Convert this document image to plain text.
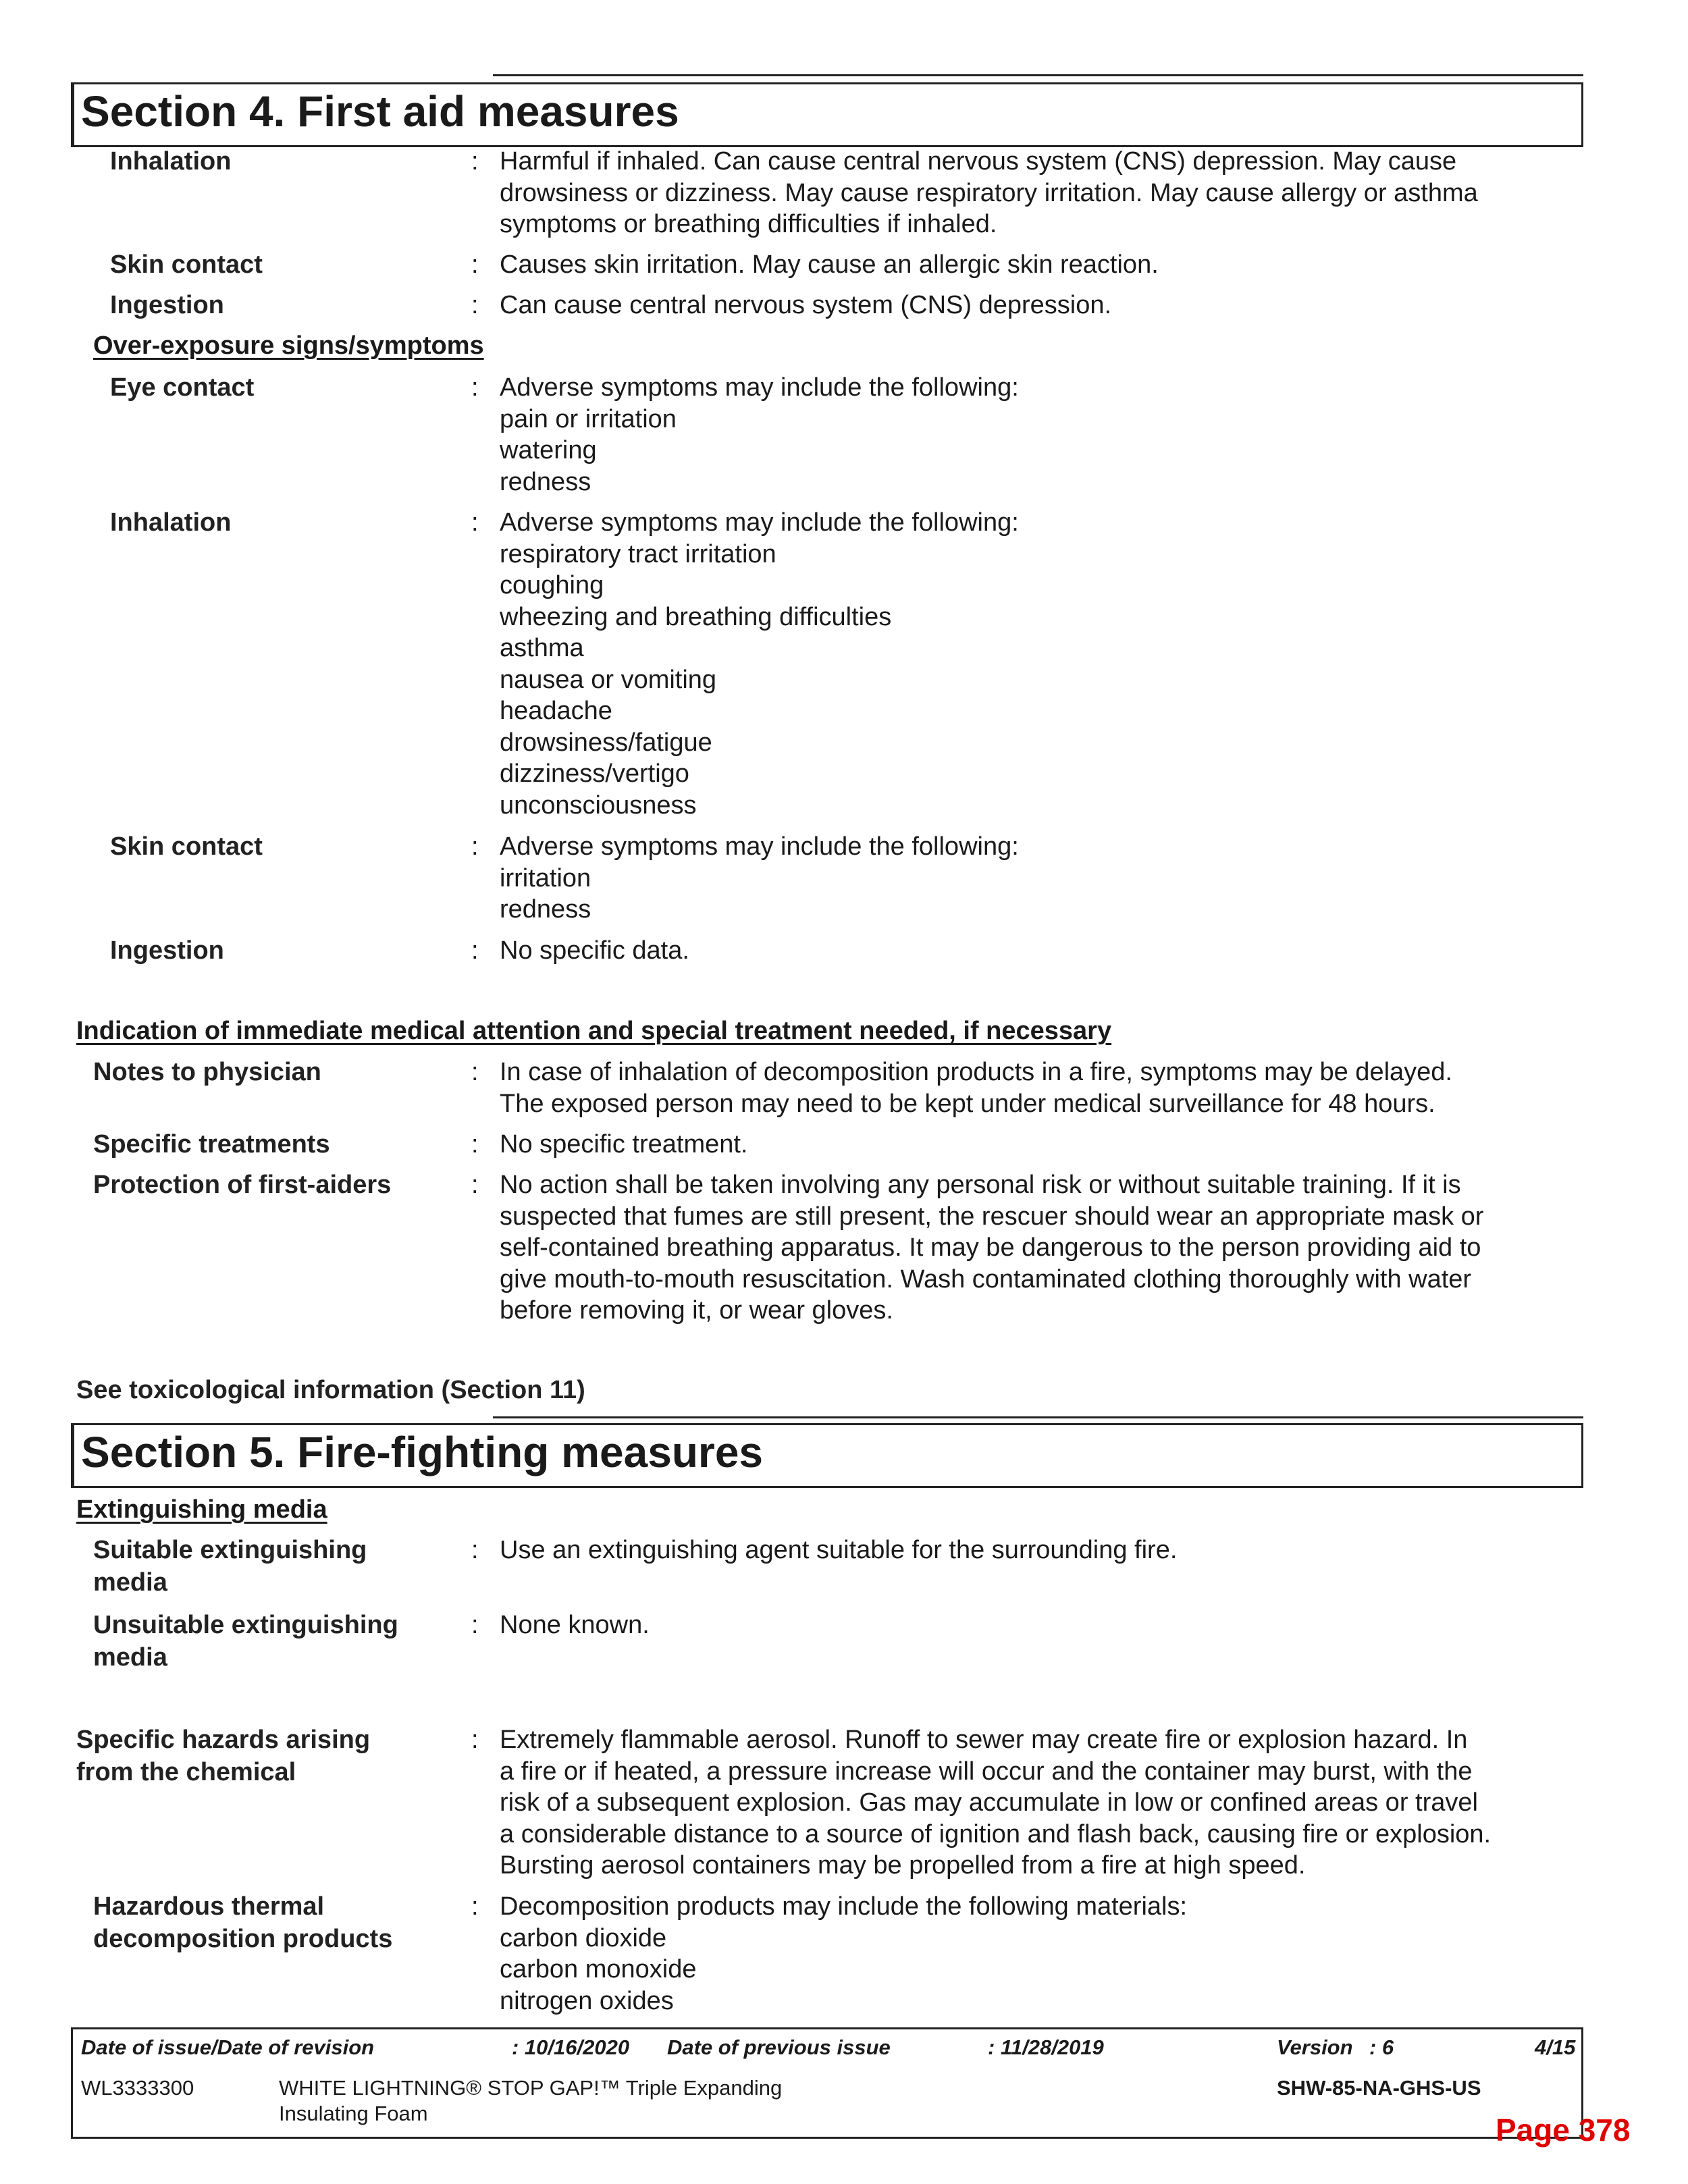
Section 4. First aid measures
Inhalation	: Harmful if inhaled. Can cause central nervous system (CNS) depression. May cause
drowsiness or dizziness. May cause respiratory irritation. May cause allergy or asthma
symptoms or breathing difficulties if inhaled.
Skin contact	: Causes skin irritation. May cause an allergic skin reaction.
Ingestion	: Can cause central nervous system (CNS) depression.
Over-exposure signs/symptoms
Eye contact	: Adverse symptoms may include the following:
pain or irritation
watering
redness
Inhalation	: Adverse symptoms may include the following:
respiratory tract irritation
coughing
wheezing and breathing difficulties
asthma
nausea or vomiting
headache
drowsiness/fatigue
dizziness/vertigo
unconsciousness
Skin contact	: Adverse symptoms may include the following:
irritation
redness
Ingestion	: No specific data.
Indication of immediate medical attention and special treatment needed, if necessary
Notes to physician	: In case of inhalation of decomposition products in a fire, symptoms may be delayed.
The exposed person may need to be kept under medical surveillance for 48 hours.
Specific treatments	: No specific treatment.
Protection of first-aiders	: No action shall be taken involving any personal risk or without suitable training. If it is
suspected that fumes are still present, the rescuer should wear an appropriate mask or
self-contained breathing apparatus. It may be dangerous to the person providing aid to
give mouth-to-mouth resuscitation. Wash contaminated clothing thoroughly with water
before removing it, or wear gloves.
See toxicological information (Section 11)
Section 5. Fire-fighting measures
Extinguishing media
Suitable extinguishing
media
: Use an extinguishing agent suitable for the surrounding fire.
Unsuitable extinguishing
media
: None known.
Specific hazards arising
from the chemical
: Extremely flammable aerosol. Runoff to sewer may create fire or explosion hazard. In
a fire or if heated, a pressure increase will occur and the container may burst, with the
risk of a subsequent explosion. Gas may accumulate in low or confined areas or travel
a considerable distance to a source of ignition and flash back, causing fire or explosion.
Bursting aerosol containers may be propelled from a fire at high speed.
Hazardous thermal
decomposition products
: Decomposition products may include the following materials:
carbon dioxide
carbon monoxide
nitrogen oxides
Date of issue/Date of revision	: 10/16/2020 Date of previous issue	: 11/28/2019	Version : 6	4/15
WL3333300	WHITE LIGHTNING® STOP GAP!™ Triple Expanding
Insulating Foam
SHW-85-NA-GHS-US
Page 378
